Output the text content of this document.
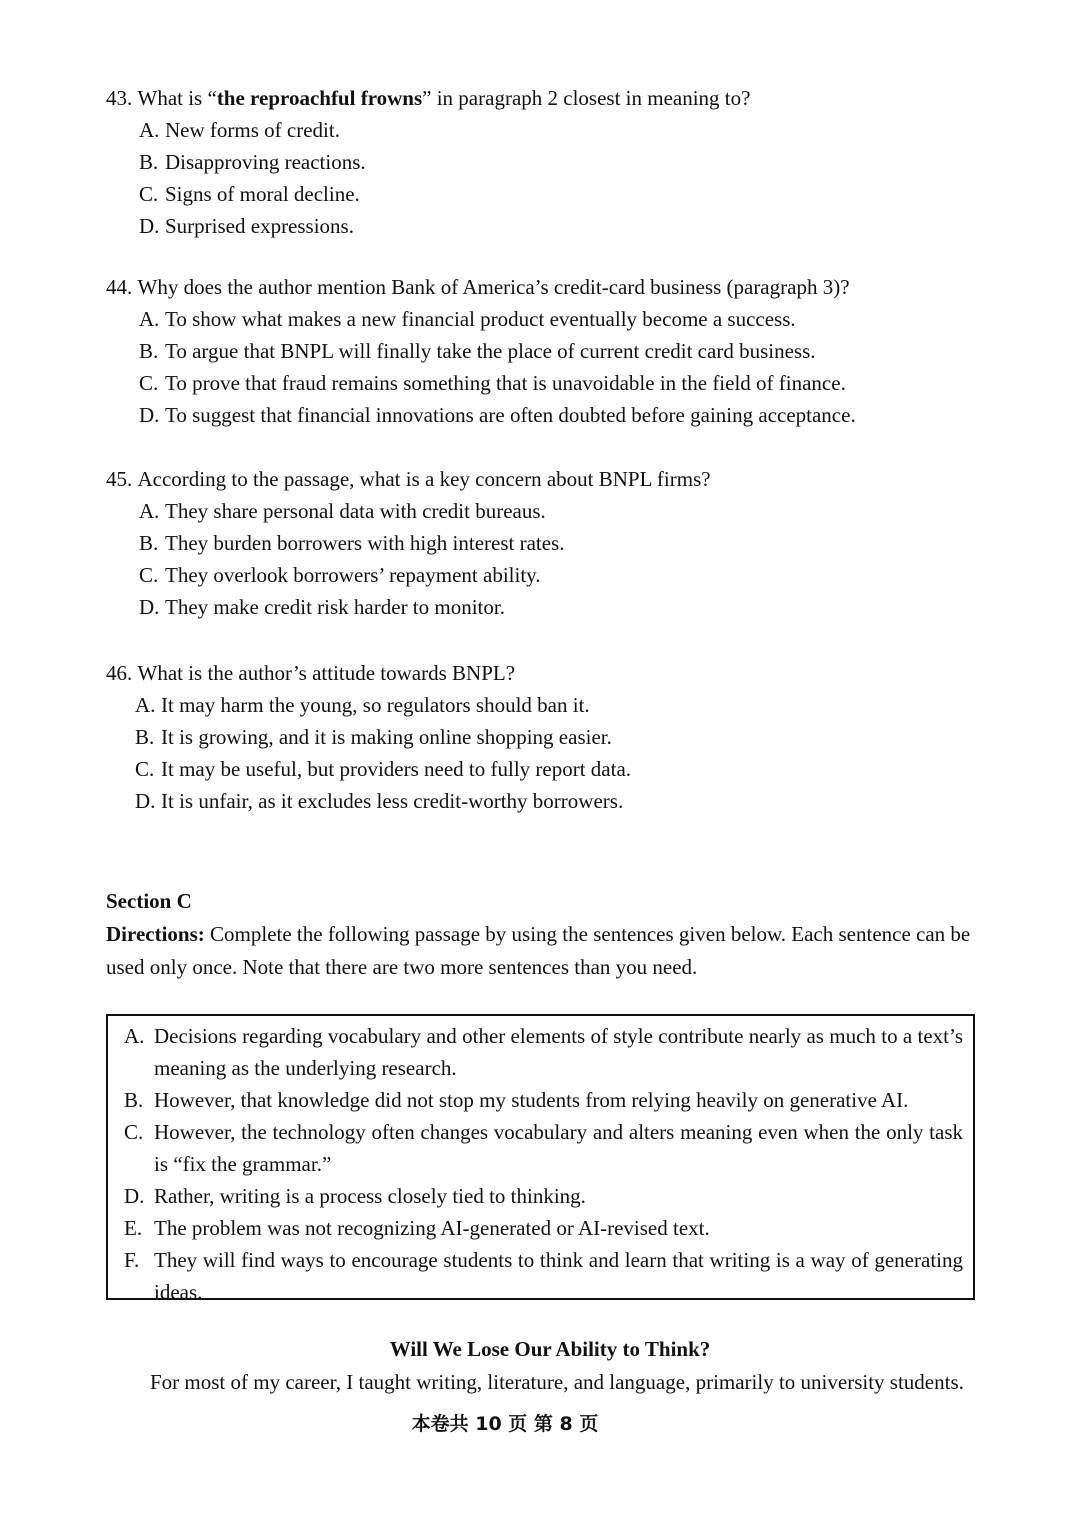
43.
What is “the reproachful frowns” in paragraph 2 closest in meaning to?
A. New forms of credit.
B. Disapproving reactions.
C. Signs of moral decline.
D. Surprised expressions.
44.
Why does the author mention Bank of America’s credit-card business (paragraph 3)?
A. To show what makes a new financial product eventually become a success.
B. To argue that BNPL will finally take the place of current credit card business.
C. To prove that fraud remains something that is unavoidable in the field of finance.
D. To suggest that financial innovations are often doubted before gaining acceptance.
45.
According to the passage, what is a key concern about BNPL firms?
A. They share personal data with credit bureaus.
B. They burden borrowers with high interest rates.
C. They overlook borrowers’ repayment ability.
D. They make credit risk harder to monitor.
46.
What is the author’s attitude towards BNPL?
A. It may harm the young, so regulators should ban it.
B. It is growing, and it is making online shopping easier.
C. It may be useful, but providers need to fully report data.
D. It is unfair, as it excludes less credit-worthy borrowers.
Section C
Directions: Complete the following passage by using the sentences given below. Each sentence can be used only once. Note that there are two more sentences than you need.
A. Decisions regarding vocabulary and other elements of style contribute nearly as much to a text’s meaning as the underlying research.
B. However, that knowledge did not stop my students from relying heavily on generative AI.
C. However, the technology often changes vocabulary and alters meaning even when the only task is “fix the grammar.”
D. Rather, writing is a process closely tied to thinking.
E. The problem was not recognizing AI-generated or AI-revised text.
F. They will find ways to encourage students to think and learn that writing is a way of generating ideas.
Will We Lose Our Ability to Think?
For most of my career, I taught writing, literature, and language, primarily to university students.
本卷共 10 页 第 8 页
